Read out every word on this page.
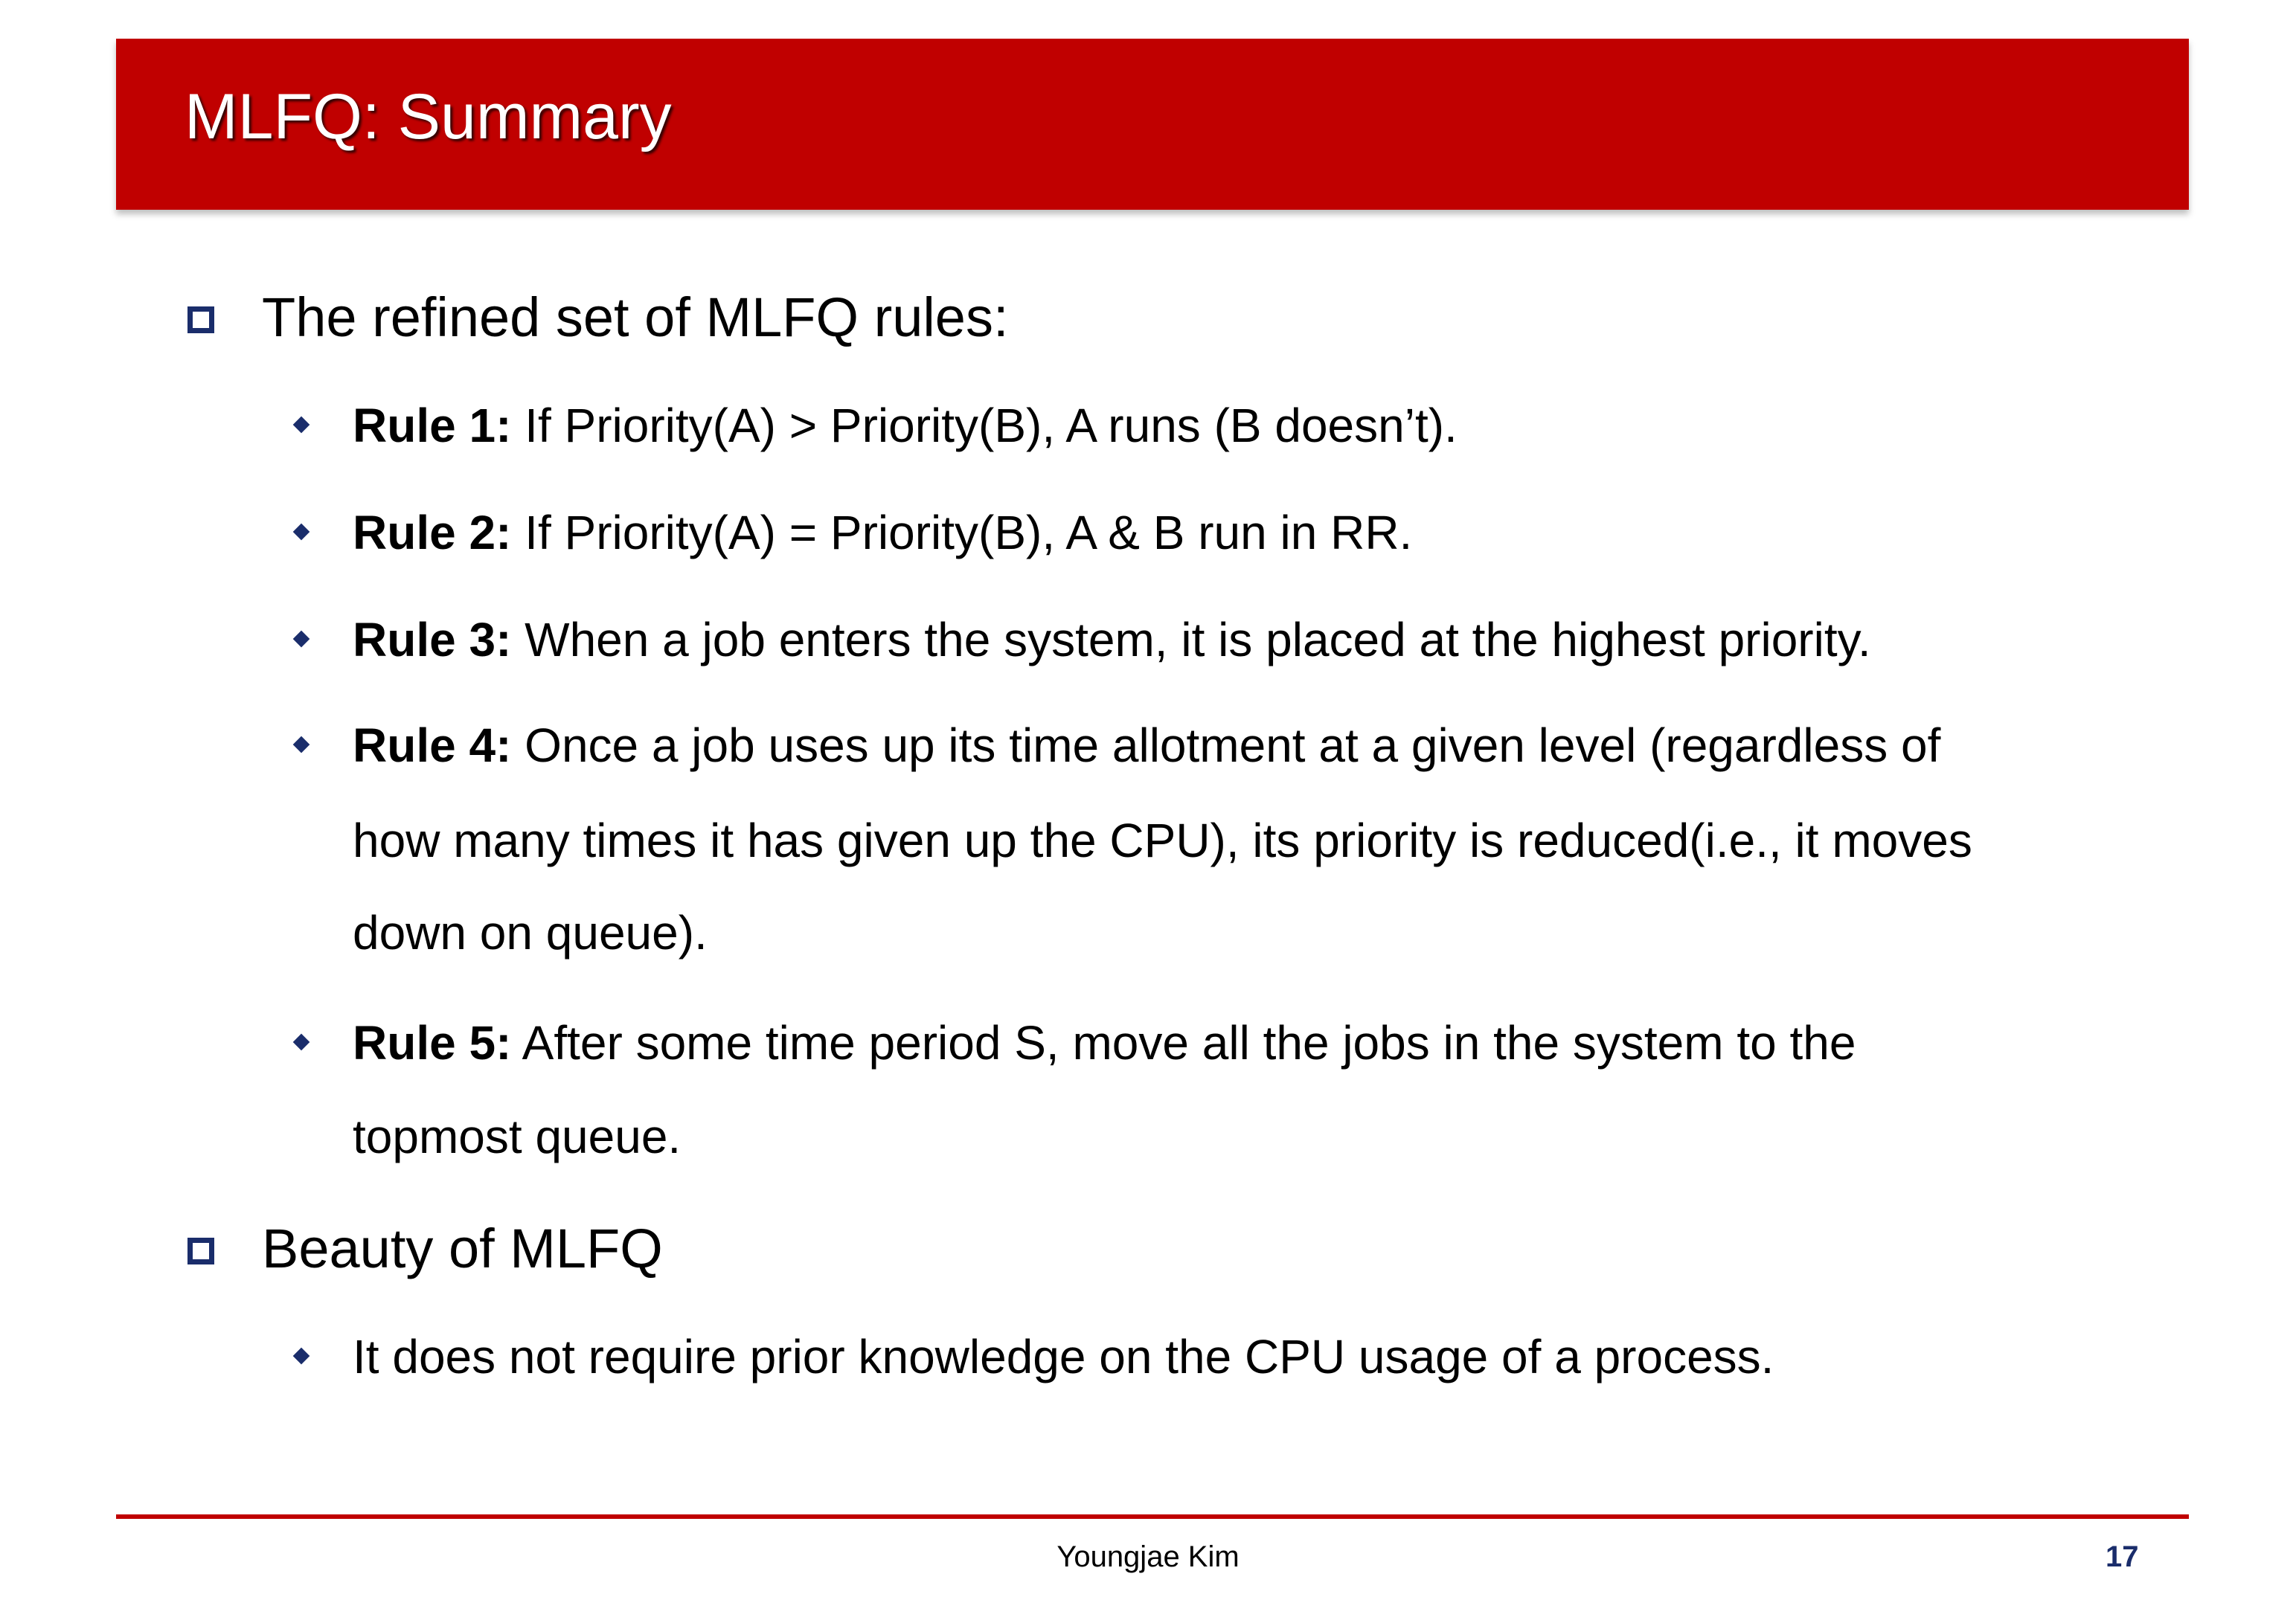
MLFQ: Summary
The refined set of MLFQ rules:
Rule 1: If Priority(A) > Priority(B), A runs (B doesn’t).
Rule 2: If Priority(A) = Priority(B), A & B run in RR.
Rule 3: When a job enters the system, it is placed at the highest priority.
Rule 4: Once a job uses up its time allotment at a given level (regardless of
how many times it has given up the CPU), its priority is reduced(i.e., it moves
down on queue).
Rule 5: After some time period S, move all the jobs in the system to the
topmost queue.
Beauty of MLFQ
It does not require prior knowledge on the CPU usage of a process.
Youngjae Kim	17
